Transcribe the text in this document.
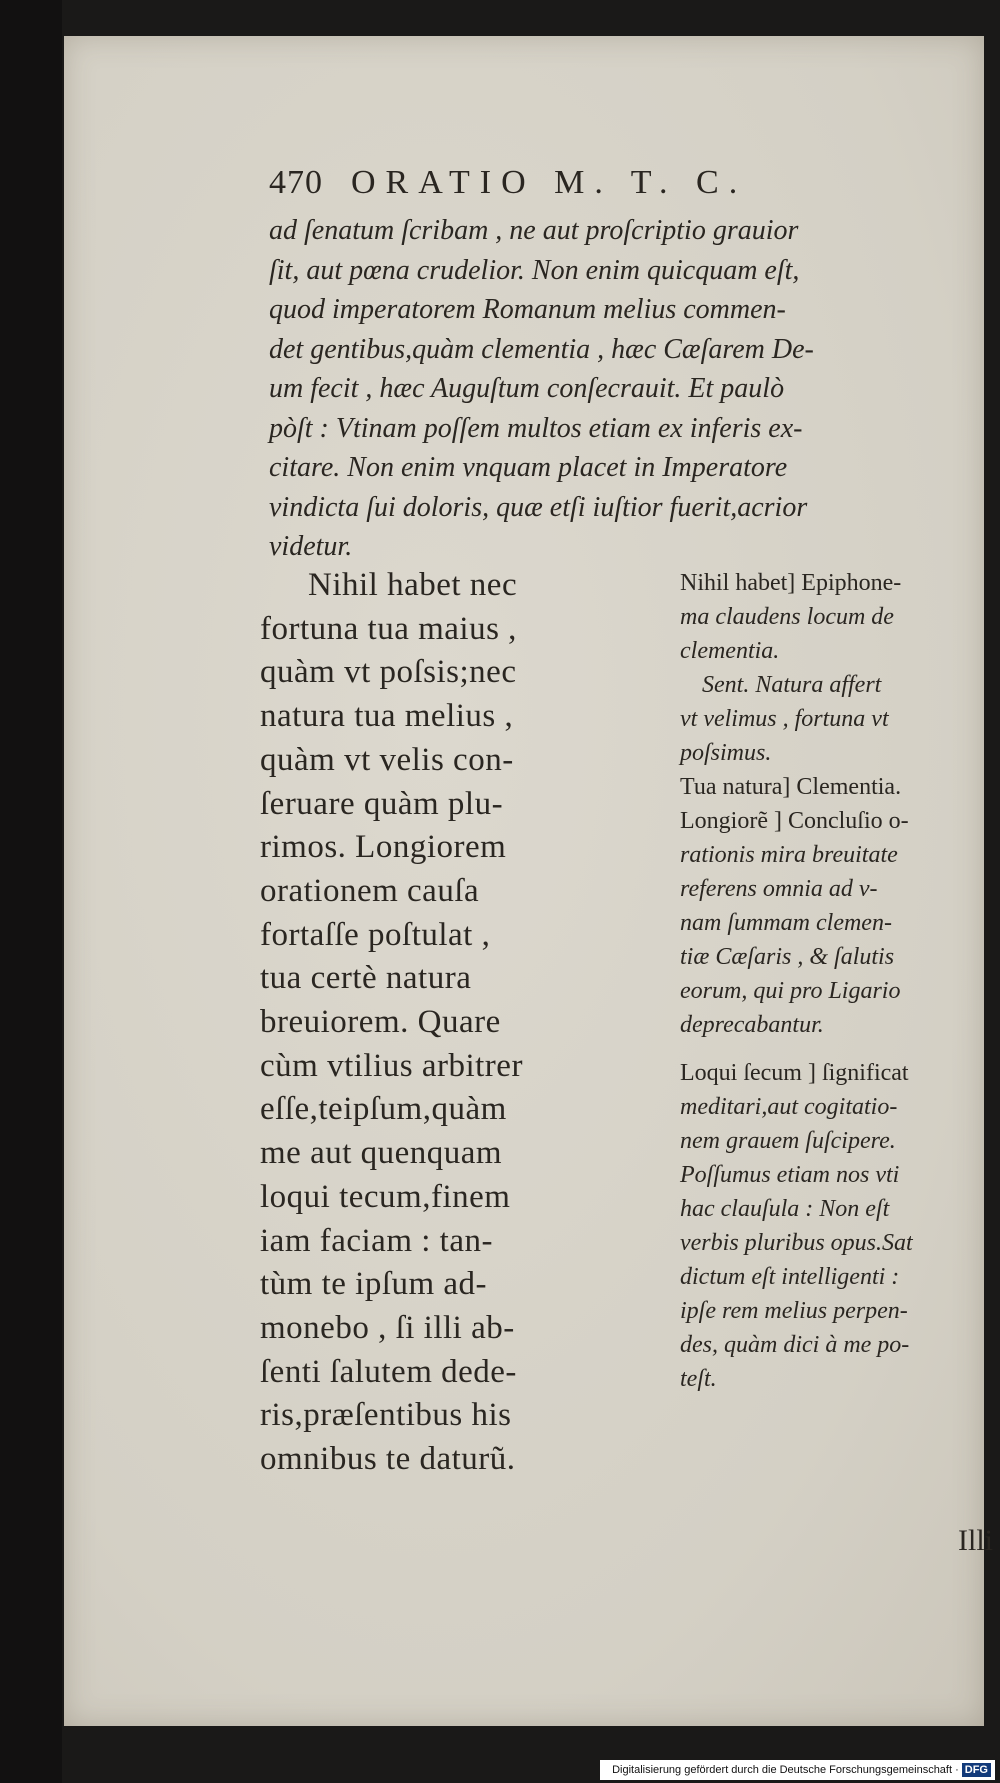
470 ORATIO M. T. C.
ad ſenatum ſcribam , ne aut proſcriptio grauior
ſit, aut pœna crudelior. Non enim quicquam eſt,
quod imperatorem Romanum melius commen-
det gentibus,quàm clementia , hæc Cæſarem De-
um fecit , hæc Auguſtum conſecrauit. Et paulò
pòſt : Vtinam poſſem multos etiam ex inferis ex-
citare. Non enim vnquam placet in Imperatore
vindicta ſui doloris, quæ etſi iuſtior fuerit,acrior
videtur.
Nihil habet nec
fortuna tua maius ,
quàm vt poſsis;nec
natura tua melius ,
quàm vt velis con-
ſeruare quàm plu-
rimos. Longiorem
orationem cauſa
fortaſſe poſtulat ,
tua certè natura
breuiorem. Quare
cùm vtilius arbitrer
eſſe,teipſum,quàm
me aut quenquam
loqui tecum,finem
iam faciam : tan-
tùm te ipſum ad-
monebo , ſi illi ab-
ſenti ſalutem dede-
ris,præſentibus his
omnibus te daturũ.
Nihil habet] Epiphone-
ma claudens locum de
clementia.
Sent. Natura affert
vt velimus , fortuna vt
poſsimus.
Tua natura] Clementia.
Longiorẽ ] Concluſio o-
rationis mira breuitate
referens omnia ad v-
nam ſummam clemen-
tiæ Cæſaris , & ſalutis
eorum, qui pro Ligario
deprecabantur.
Loqui ſecum ] ſignificat
meditari,aut cogitatio-
nem grauem ſuſcipere.
Poſſumus etiam nos vti
hac clauſula : Non eſt
verbis pluribus opus.Sat
dictum eſt intelligenti :
ipſe rem melius perpen-
des, quàm dici à me po-
teſt.
Illi
Digitalisierung gefördert durch die Deutsche Forschungsgemeinschaft · DFG
